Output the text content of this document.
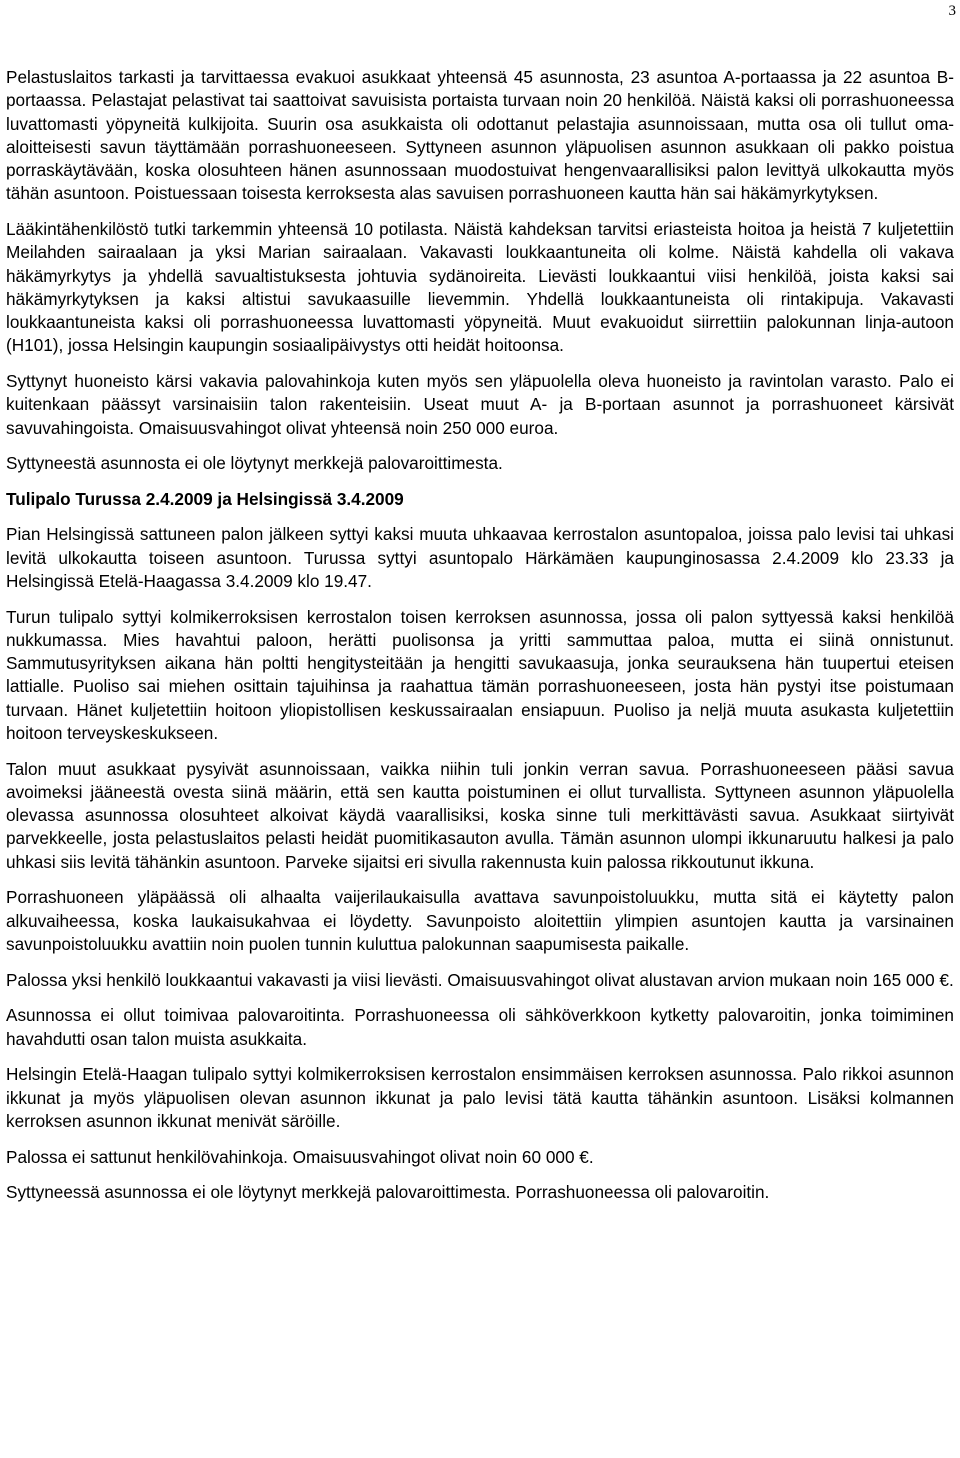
3

Pelastuslaitos tarkasti ja tarvittaessa evakuoi asukkaat yhteensä 45 asunnosta, 23 asuntoa A-portaassa ja 22 asuntoa B-portaassa. Pelastajat pelastivat tai saattoivat savuisista portaista turvaan noin 20 henkilöä. Näistä kaksi oli porrashuoneessa luvattomasti yöpyneitä kulkijoita. Suurin osa asukkaista oli odottanut pelastajia asunnoissaan, mutta osa oli tullut oma-aloitteisesti savun täyttämään porrashuoneeseen. Syttyneen asunnon yläpuolisen asunnon asukkaan oli pakko poistua porraskäytävään, koska olosuhteen hänen asunnossaan muodostuivat hengenvaarallisiksi palon levittyä ulkokautta myös tähän asuntoon. Poistuessaan toisesta kerroksesta alas savuisen porrashuoneen kautta hän sai häkämyrkytyksen.

Lääkintähenkilöstö tutki tarkemmin yhteensä 10 potilasta. Näistä kahdeksan tarvitsi eriasteista hoitoa ja heistä 7 kuljetettiin Meilahden sairaalaan ja yksi Marian sairaalaan. Vakavasti loukkaantuneita oli kolme. Näistä kahdella oli vakava häkämyrkytys ja yhdellä savualtistuksesta johtuvia sydänoireita. Lievästi loukkaantui viisi henkilöä, joista kaksi sai häkämyrkytyksen ja kaksi altistui savukaasuille lievemmin. Yhdellä loukkaantuneista oli rintakipuja. Vakavasti loukkaantuneista kaksi oli porrashuoneessa luvattomasti yöpyneitä. Muut evakuoidut siirrettiin palokunnan linja-autoon (H101), jossa Helsingin kaupungin sosiaalipäivystys otti heidät hoitoonsa.

Syttynyt huoneisto kärsi vakavia palovahinkoja kuten myös sen yläpuolella oleva huoneisto ja ravintolan varasto. Palo ei kuitenkaan päässyt varsinaisiin talon rakenteisiin. Useat muut A- ja B-portaan asunnot ja porrashuoneet kärsivät savuvahingoista. Omaisuusvahingot olivat yhteensä noin 250 000 euroa.

Syttyneestä asunnosta ei ole löytynyt merkkejä palovaroittimesta.

Tulipalo Turussa 2.4.2009 ja Helsingissä 3.4.2009

Pian Helsingissä sattuneen palon jälkeen syttyi kaksi muuta uhkaavaa kerrostalon asuntopaloa, joissa palo levisi tai uhkasi levitä ulkokautta toiseen asuntoon. Turussa syttyi asuntopalo Härkämäen kaupunginosassa 2.4.2009 klo 23.33 ja Helsingissä Etelä-Haagassa 3.4.2009 klo 19.47.

Turun tulipalo syttyi kolmikerroksisen kerrostalon toisen kerroksen asunnossa, jossa oli palon syttyessä kaksi henkilöä nukkumassa. Mies havahtui paloon, herätti puolisonsa ja yritti sammuttaa paloa, mutta ei siinä onnistunut. Sammutusyrityksen aikana hän poltti hengitysteitään ja hengitti savukaasuja, jonka seurauksena hän tuupertui eteisen lattialle. Puoliso sai miehen osittain tajuihinsa ja raahattua tämän porrashuoneeseen, josta hän pystyi itse poistumaan turvaan. Hänet kuljetettiin hoitoon yliopistollisen keskussairaalan ensiapuun. Puoliso ja neljä muuta asukasta kuljetettiin hoitoon terveyskeskukseen.

Talon muut asukkaat pysyivät asunnoissaan, vaikka niihin tuli jonkin verran savua. Porrashuoneeseen pääsi savua avoimeksi jääneestä ovesta siinä määrin, että sen kautta poistuminen ei ollut turvallista. Syttyneen asunnon yläpuolella olevassa asunnossa olosuhteet alkoivat käydä vaarallisiksi, koska sinne tuli merkittävästi savua. Asukkaat siirtyivät parvekkeelle, josta pelastuslaitos pelasti heidät puomitikasauton avulla. Tämän asunnon ulompi ikkunaruutu halkesi ja palo uhkasi siis levitä tähänkin asuntoon. Parveke sijaitsi eri sivulla rakennusta kuin palossa rikkoutunut ikkuna.

Porrashuoneen yläpäässä oli alhaalta vaijerilaukaisulla avattava savunpoistoluukku, mutta sitä ei käytetty palon alkuvaiheessa, koska laukaisukahvaa ei löydetty. Savunpoisto aloitettiin ylimpien asuntojen kautta ja varsinainen savunpoistoluukku avattiin noin puolen tunnin kuluttua palokunnan saapumisesta paikalle.

Palossa yksi henkilö loukkaantui vakavasti ja viisi lievästi. Omaisuusvahingot olivat alustavan arvion mukaan noin 165 000 €.

Asunnossa ei ollut toimivaa palovaroitinta. Porrashuoneessa oli sähköverkkoon kytketty palovaroitin, jonka toimiminen havahdutti osan talon muista asukkaita.

Helsingin Etelä-Haagan tulipalo syttyi kolmikerroksisen kerrostalon ensimmäisen kerroksen asunnossa. Palo rikkoi asunnon ikkunat ja myös yläpuolisen olevan asunnon ikkunat ja palo levisi tätä kautta tähänkin asuntoon. Lisäksi kolmannen kerroksen asunnon ikkunat menivät säröille.

Palossa ei sattunut henkilövahinkoja. Omaisuusvahingot olivat noin 60 000 €.

Syttyneessä asunnossa ei ole löytynyt merkkejä palovaroittimesta. Porrashuoneessa oli palovaroitin.
